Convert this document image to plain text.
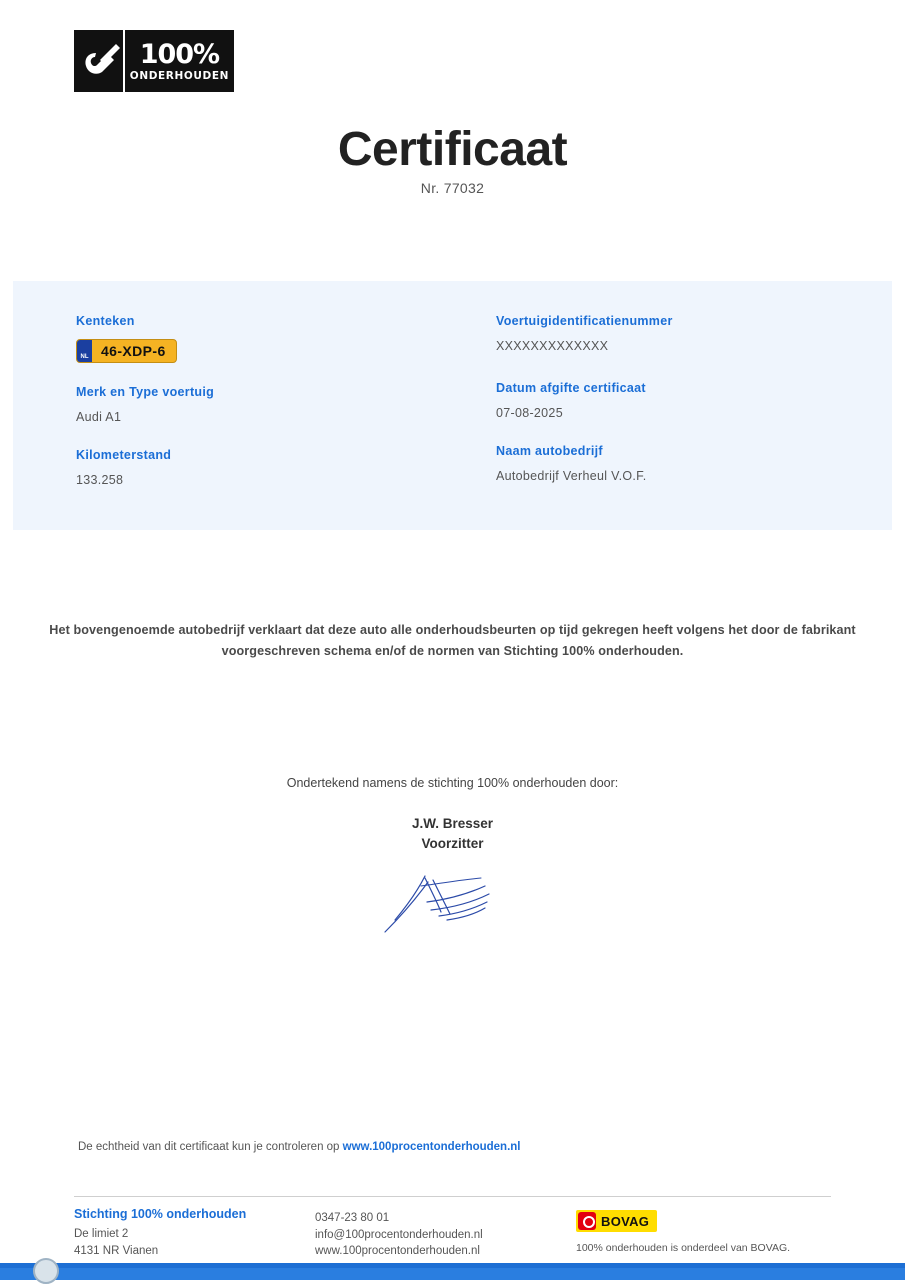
100%
ONDERHOUDEN
Certificaat
Nr. 77032
Kenteken
NL 46-XDP-6
Merk en Type voertuig
Audi A1
Kilometerstand
133.258
Voertuigidentificatienummer
XXXXXXXXXXXXX
Datum afgifte certificaat
07-08-2025
Naam autobedrijf
Autobedrijf Verheul V.O.F.
Het bovengenoemde autobedrijf verklaart dat deze auto alle onderhoudsbeurten op tijd gekregen heeft volgens het door de fabrikant voorgeschreven schema en/of de normen van Stichting 100% onderhouden.
Ondertekend namens de stichting 100% onderhouden door:
J.W. Bresser
Voorzitter
De echtheid van dit certificaat kun je controleren op www.100procentonderhouden.nl
Stichting 100% onderhouden
De limiet 2
4131 NR Vianen
0347-23 80 01
info@100procentonderhouden.nl
www.100procentonderhouden.nl
BOVAG
100% onderhouden is onderdeel van BOVAG.
